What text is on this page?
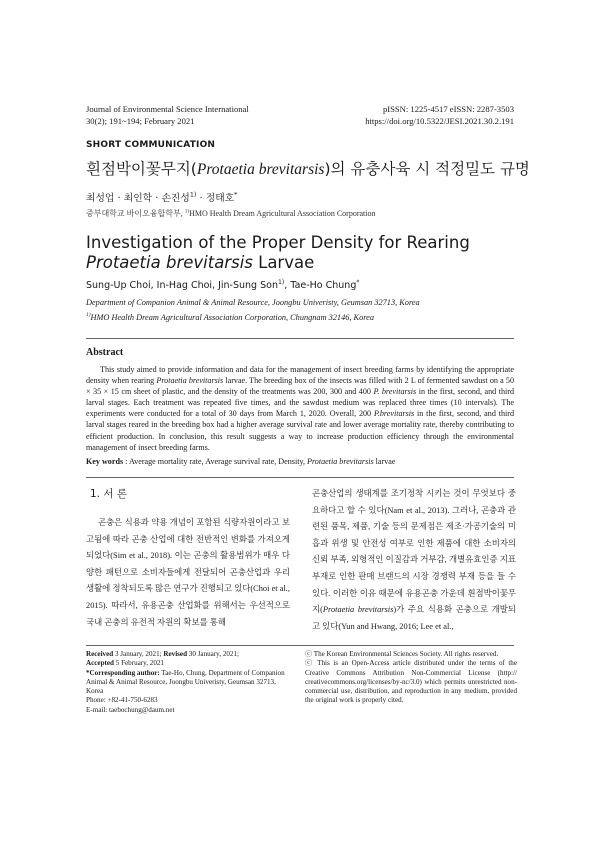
Journal of Environmental Science International
30(2); 191~194; February 2021
pISSN: 1225-4517 eISSN: 2287-3503
https://doi.org/10.5322/JESI.2021.30.2.191
SHORT COMMUNICATION
흰점박이꽃무지(Protaetia brevitarsis)의 유충사육 시 적정밀도 규명
최성업 · 최인학 · 손진성$^{1)}$ · 정태호*
중부대학교 바이오융합학부, $^{1)}$HMO Health Dream Agricultural Association Corporation
Investigation of the Proper Density for Rearing Protaetia brevitarsis Larvae
Sung-Up Choi, In-Hag Choi, Jin-Sung Son$^{1)}$, Tae-Ho Chung*
Department of Companion Animal & Animal Resource, Joongbu Univeristy, Geumsan 32713, Korea
$^{1)}$HMO Health Dream Agricultural Association Corporation, Chungnam 32146, Korea
Abstract
This study aimed to provide information and data for the management of insect breeding farms by identifying the appropriate density when rearing Protaetia brevitarsis larvae. The breeding box of the insects was filled with 2 L of fermented sawdust on a 50 × 35 × 15 cm sheet of plastic, and the density of the treatments was 200, 300 and 400 P. brevitarsis in the first, second, and third larval stages. Each treatment was repeated five times, and the sawdust medium was replaced three times (10 intervals). The experiments were conducted for a total of 30 days from March 1, 2020. Overall, 200 P.brevitarsis in the first, second, and third larval stages reared in the breeding box had a higher average survival rate and lower average mortality rate, thereby contributing to efficient production. In conclusion, this result suggests a way to increase production efficiency through the environmental management of insect breeding farms.
Key words : Average mortality rate, Average survival rate, Density, Protaetia brevitarsis larvae
1. 서 론

곤충은 식용과 약용 개념이 포함된 식량자원이라고 보고됨에 따라 곤충 산업에 대한 전반적인 변화를 가져오게 되었다(Sim et al., 2018). 이는 곤충의 활용범위가 매우 다양한 패턴으로 소비자들에게 전달되어 곤충산업과 우리 생활에 정착되도록 많은 연구가 진행되고 있다(Choi et al., 2015). 따라서, 유용곤충 산업화를 위해서는 우선적으로 국내 곤충의 유전적 자원의 확보를 통해

곤충산업의 생태계를 조기정착 시키는 것이 무엇보다 중요하다고 할 수 있다(Nam et al., 2013). 그러나, 곤충과 관련된 품목, 제품, 기술 등의 문제점은 제조·가공기술의 미흡과 위생 및 안전성 여부로 인한 제품에 대한 소비자의 신뢰 부족, 외형적인 이질감과 거부감, 개별유효인증 지표 부재로 인한 판매 브랜드의 시장 경쟁력 부재 등을 들 수 있다. 이러한 이유 때문에 유용곤충 가운데 흰점박이꽃무지(Protaetia brevitarsis)가 주요 식용화 곤충으로 개발되고 있다(Yun and Hwang, 2016; Lee et al.,

Received 3 January, 2021; Revised 30 January, 2021;
Accepted 5 February, 2021
*Corresponding author: Tae-Ho, Chung, Department of Companion Animal & Animal Resource, Joongbu Univeristy, Geumsan 32713, Korea
Phone: +82-41-750-6283
E-mail: taebochung@daum.net
ⓒ The Korean Environmental Sciences Society. All rights reserved.
ⓒ This is an Open-Access article distributed under the terms of the Creative Commons Attribution Non-Commercial License (http:// creativecommons.org/licenses/by-nc/3.0) which permits unrestricted non-commercial use, distribution, and reproduction in any medium, provided the original work is properly cited.
